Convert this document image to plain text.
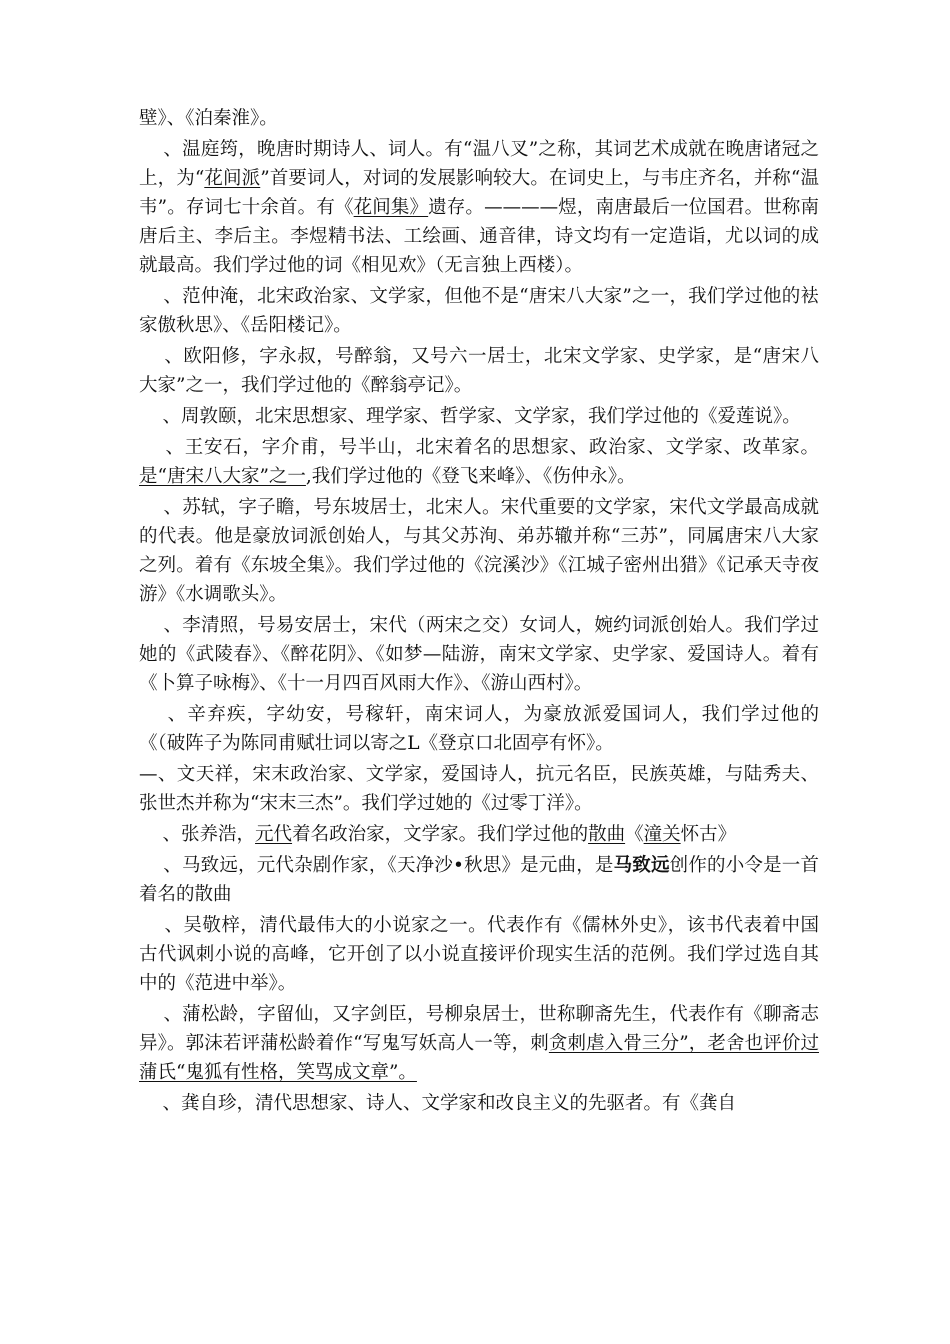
壁》、《泊秦淮》。

、温庭筠，晚唐时期诗人、词人。有“温八叉”之称，其词艺术成就在晚唐诸冠之上，为“花间派”首要词人，对词的发展影响较大。在词史上，与韦庄齐名，并称“温韦”。存词七十余首。有《花间集》遗存。————煜，南唐最后一位国君。世称南唐后主、李后主。李煜精书法、工绘画、通音律，诗文均有一定造诣，尤以词的成就最高。我们学过他的词《相见欢》（无言独上西楼）。

、范仲淹，北宋政治家、文学家，但他不是“唐宋八大家”之一，我们学过他的袪家傲秋思》、《岳阳楼记》。

、欧阳修，字永叔，号醉翁，又号六一居士，北宋文学家、史学家，是“唐宋八大家”之一，我们学过他的《醉翁亭记》。

、周敦颐，北宋思想家、理学家、哲学家、文学家，我们学过他的《爱莲说》。

、王安石，字介甫，号半山，北宋着名的思想家、政治家、文学家、改革家。是“唐宋八大家”之一,我们学过他的《登飞来峰》、《伤仲永》。

、苏轼，字子瞻，号东坡居士，北宋人。宋代重要的文学家，宋代文学最高成就的代表。他是豪放词派创始人，与其父苏洵、弟苏辙并称“三苏”，同属唐宋八大家之列。着有《东坡全集》。我们学过他的《浣溪沙》《江城子密州出猎》《记承天寺夜游》《水调歌头》。

、李清照，号易安居士，宋代（两宋之交）女词人，婉约词派创始人。我们学过她的《武陵春》、《醉花阴》、《如梦—陆游，南宋文学家、史学家、爱国诗人。着有《卜算子咏梅》、《十一月四百风雨大作》、《游山西村》。

、辛弃疾，字幼安，号稼轩，南宋词人，为豪放派爱国词人，我们学过他的《（破阵子为陈同甫赋壮词以寄之L《登京口北固亭有怀》。

—、文天祥，宋末政治家、文学家，爱国诗人，抗元名臣，民族英雄，与陆秀夫、张世杰并称为“宋末三杰”。我们学过她的《过零丁洋》。

、张养浩，元代着名政治家，文学家。我们学过他的散曲《潼关怀古》

、马致远，元代杂剧作家，《天净沙•秋思》是元曲，是马致远创作的小令是一首着名的散曲

、吴敬梓，清代最伟大的小说家之一。代表作有《儒林外史》，该书代表着中国古代讽刺小说的高峰，它开创了以小说直接评价现实生活的范例。我们学过选自其中的《范进中举》。

、蒲松龄，字留仙，又字剑臣，号柳泉居士，世称聊斋先生，代表作有《聊斋志异》。郭沫若评蒲松龄着作“写鬼写妖高人一等，刺贪刺虐入骨三分”，老舍也评价过蒲氏“鬼狐有性格，笑骂成文章”。

、龚自珍，清代思想家、诗人、文学家和改良主义的先驱者。有《龚自
